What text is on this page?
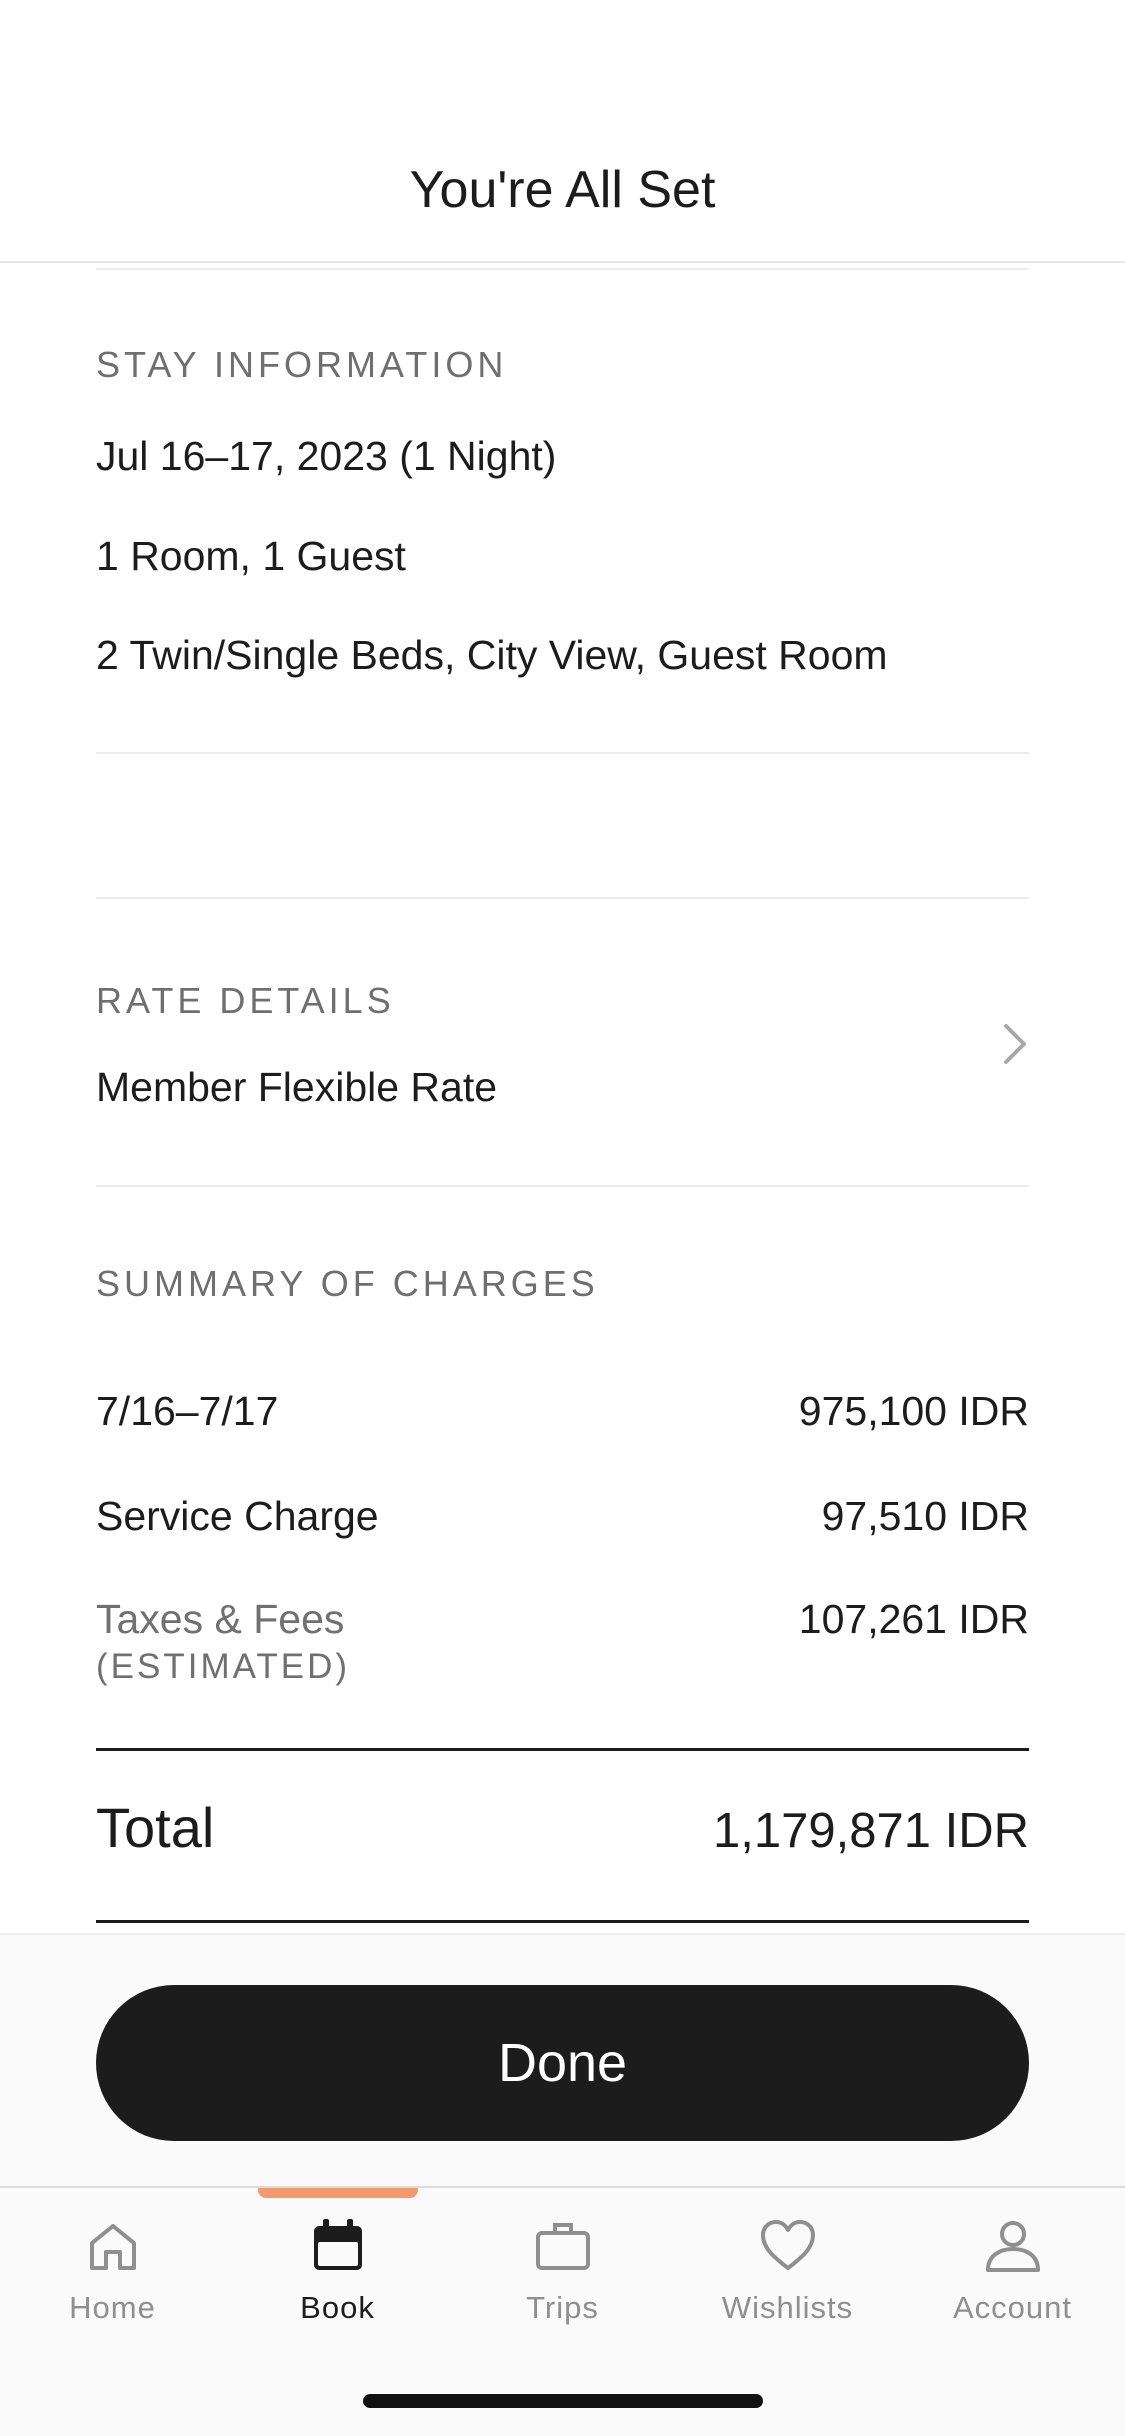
You're All Set
STAY INFORMATION
Jul 16–17, 2023 (1 Night)
1 Room, 1 Guest
2 Twin/Single Beds, City View, Guest Room
RATE DETAILS
Member Flexible Rate
SUMMARY OF CHARGES
7/16–7/17	975,100 IDR
Service Charge	97,510 IDR
Taxes & Fees	107,261 IDR
(ESTIMATED)
Total	1,179,871 IDR
Done
Home	Book	Trips	Wishlists	Account
